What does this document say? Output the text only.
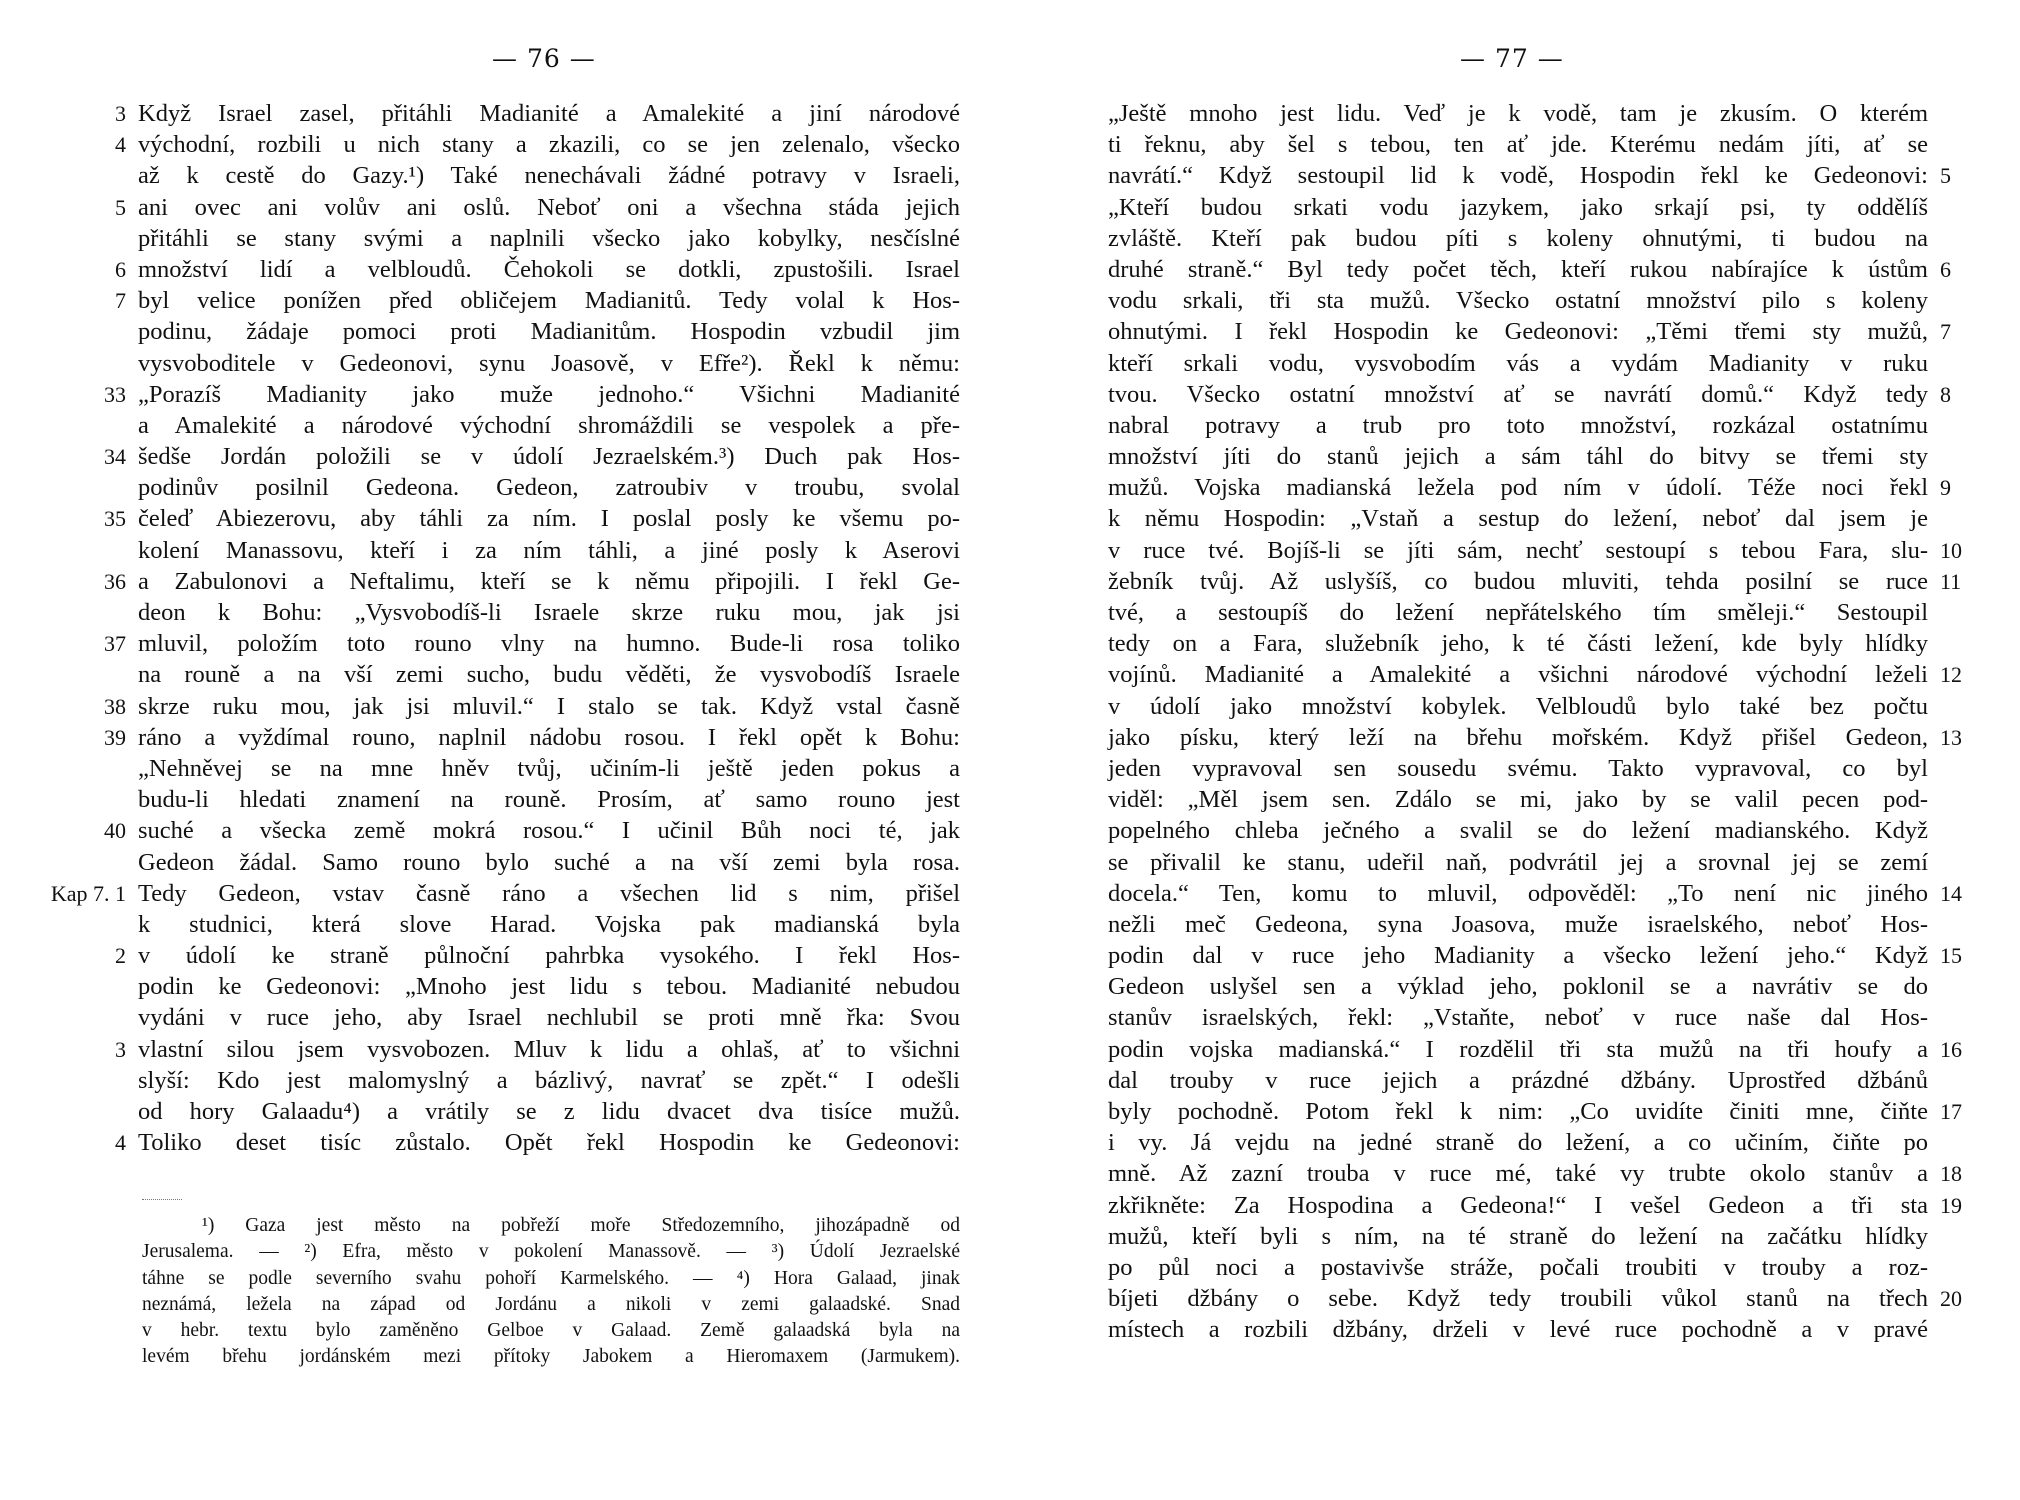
— 76 —
3 Když Israel zasel, přitáhli Madianité a Amalekité a jiní národové
4 východní, rozbili u nich stany a zkazili, co se jen zelenalo, všecko
až k cestě do Gazy.¹) Také nenechávali žádné potravy v Israeli,
5 ani ovec ani volův ani oslů. Neboť oni a všechna stáda jejich
přitáhli se stany svými a naplnili všecko jako kobylky, nesčíslné
6 množství lidí a velbloudů. Čehokoli se dotkli, zpustošili. Israel
7 byl velice ponížen před obličejem Madianitů. Tedy volal k Hos-
podinu, žádaje pomoci proti Madianitům. Hospodin vzbudil jim
vysvoboditele v Gedeonovi, synu Joasově, v Efře²). Řekl k němu:
33 „Porazíš Madianity jako muže jednoho.“ Všichni Madianité
a Amalekité a národové východní shromáždili se vespolek a pře-
34 šedše Jordán položili se v údolí Jezraelském.³) Duch pak Hos-
podinův posilnil Gedeona. Gedeon, zatroubiv v troubu, svolal
35 čeleď Abiezerovu, aby táhli za ním. I poslal posly ke všemu po-
kolení Manassovu, kteří i za ním táhli, a jiné posly k Aserovi
36 a Zabulonovi a Neftalimu, kteří se k němu připojili. I řekl Ge-
deon k Bohu: „Vysvobodíš-li Israele skrze ruku mou, jak jsi
37 mluvil, položím toto rouno vlny na humno. Bude-li rosa toliko
na rouně a na vší zemi sucho, budu věděti, že vysvobodíš Israele
38 skrze ruku mou, jak jsi mluvil.“ I stalo se tak. Když vstal časně
39 ráno a vyždímal rouno, naplnil nádobu rosou. I řekl opět k Bohu:
„Nehněvej se na mne hněv tvůj, učiním-li ještě jeden pokus a
budu-li hledati znamení na rouně. Prosím, ať samo rouno jest
40 suché a všecka země mokrá rosou.“ I učinil Bůh noci té, jak
Gedeon žádal. Samo rouno bylo suché a na vší zemi byla rosa.
Kap 7. 1 Tedy Gedeon, vstav časně ráno a všechen lid s nim, přišel
k studnici, která slove Harad. Vojska pak madianská byla
2 v údolí ke straně půlnoční pahrbka vysokého. I řekl Hos-
podin ke Gedeonovi: „Mnoho jest lidu s tebou. Madianité nebudou
vydáni v ruce jeho, aby Israel nechlubil se proti mně řka: Svou
3 vlastní silou jsem vysvobozen. Mluv k lidu a ohlaš, ať to všichni
slyší: Kdo jest malomyslný a bázlivý, navrať se zpět.“ I odešli
od hory Galaadu⁴) a vrátily se z lidu dvacet dva tisíce mužů.
4 Toliko deset tisíc zůstalo. Opět řekl Hospodin ke Gedeonovi:
¹) Gaza jest město na pobřeží moře Středozemního, jihozápadně od
Jerusalema. — ²) Efra, město v pokolení Manassově. — ³) Údolí Jezraelské
táhne se podle severního svahu pohoří Karmelského. — ⁴) Hora Galaad, jinak
neznámá, ležela na západ od Jordánu a nikoli v zemi galaadské. Snad
v hebr. textu bylo zaměněno Gelboe v Galaad. Země galaadská byla na
levém břehu jordánském mezi přítoky Jabokem a Hieromaxem (Jarmukem).
— 77 —
„Ještě mnoho jest lidu. Veď je k vodě, tam je zkusím. O kterém
ti řeknu, aby šel s tebou, ten ať jde. Kterému nedám jíti, ať se
5
navrátí.“ Když sestoupil lid k vodě, Hospodin řekl ke Gedeonovi:
„Kteří budou srkati vodu jazykem, jako srkají psi, ty oddělíš
zvláště. Kteří pak budou píti s koleny ohnutými, ti budou na
6
druhé straně.“ Byl tedy počet těch, kteří rukou nabírajíce k ústům
vodu srkali, tři sta mužů. Všecko ostatní množství pilo s koleny
7
ohnutými. I řekl Hospodin ke Gedeonovi: „Těmi třemi sty mužů,
kteří srkali vodu, vysvobodím vás a vydám Madianity v ruku
8
tvou. Všecko ostatní množství ať se navrátí domů.“ Když tedy
nabral potravy a trub pro toto množství, rozkázal ostatnímu
množství jíti do stanů jejich a sám táhl do bitvy se třemi sty
9
mužů. Vojska madianská ležela pod ním v údolí. Téže noci řekl
k němu Hospodin: „Vstaň a sestup do ležení, neboť dal jsem je
10
v ruce tvé. Bojíš-li se jíti sám, nechť sestoupí s tebou Fara, slu-
11
žebník tvůj. Až uslyšíš, co budou mluviti, tehda posilní se ruce
tvé, a sestoupíš do ležení nepřátelského tím směleji.“ Sestoupil
tedy on a Fara, služebník jeho, k té části ležení, kde byly hlídky
12
vojínů. Madianité a Amalekité a všichni národové východní leželi
v údolí jako množství kobylek. Velbloudů bylo také bez počtu
13
jako písku, který leží na břehu mořském. Když přišel Gedeon,
jeden vypravoval sen sousedu svému. Takto vypravoval, co byl
viděl: „Měl jsem sen. Zdálo se mi, jako by se valil pecen pod-
popelného chleba ječného a svalil se do ležení madianského. Když
se přivalil ke stanu, udeřil naň, podvrátil jej a srovnal jej se zemí
14
docela.“ Ten, komu to mluvil, odpověděl: „To není nic jiného
nežli meč Gedeona, syna Joasova, muže israelského, neboť Hos-
15
podin dal v ruce jeho Madianity a všecko ležení jeho.“ Když
Gedeon uslyšel sen a výklad jeho, poklonil se a navrátiv se do
stanův israelských, řekl: „Vstaňte, neboť v ruce naše dal Hos-
16
podin vojska madianská.“ I rozdělil tři sta mužů na tři houfy a
dal trouby v ruce jejich a prázdné džbány. Uprostřed džbánů
17
byly pochodně. Potom řekl k nim: „Co uvidíte činiti mne, čiňte
i vy. Já vejdu na jedné straně do ležení, a co učiním, čiňte po
18
mně. Až zazní trouba v ruce mé, také vy trubte okolo stanův a
19
zkřikněte: Za Hospodina a Gedeona!“ I vešel Gedeon a tři sta
mužů, kteří byli s ním, na té straně do ležení na začátku hlídky
po půl noci a postavivše stráže, počali troubiti v trouby a roz-
20
bíjeti džbány o sebe. Když tedy troubili vůkol stanů na třech
místech a rozbili džbány, drželi v levé ruce pochodně a v pravé
